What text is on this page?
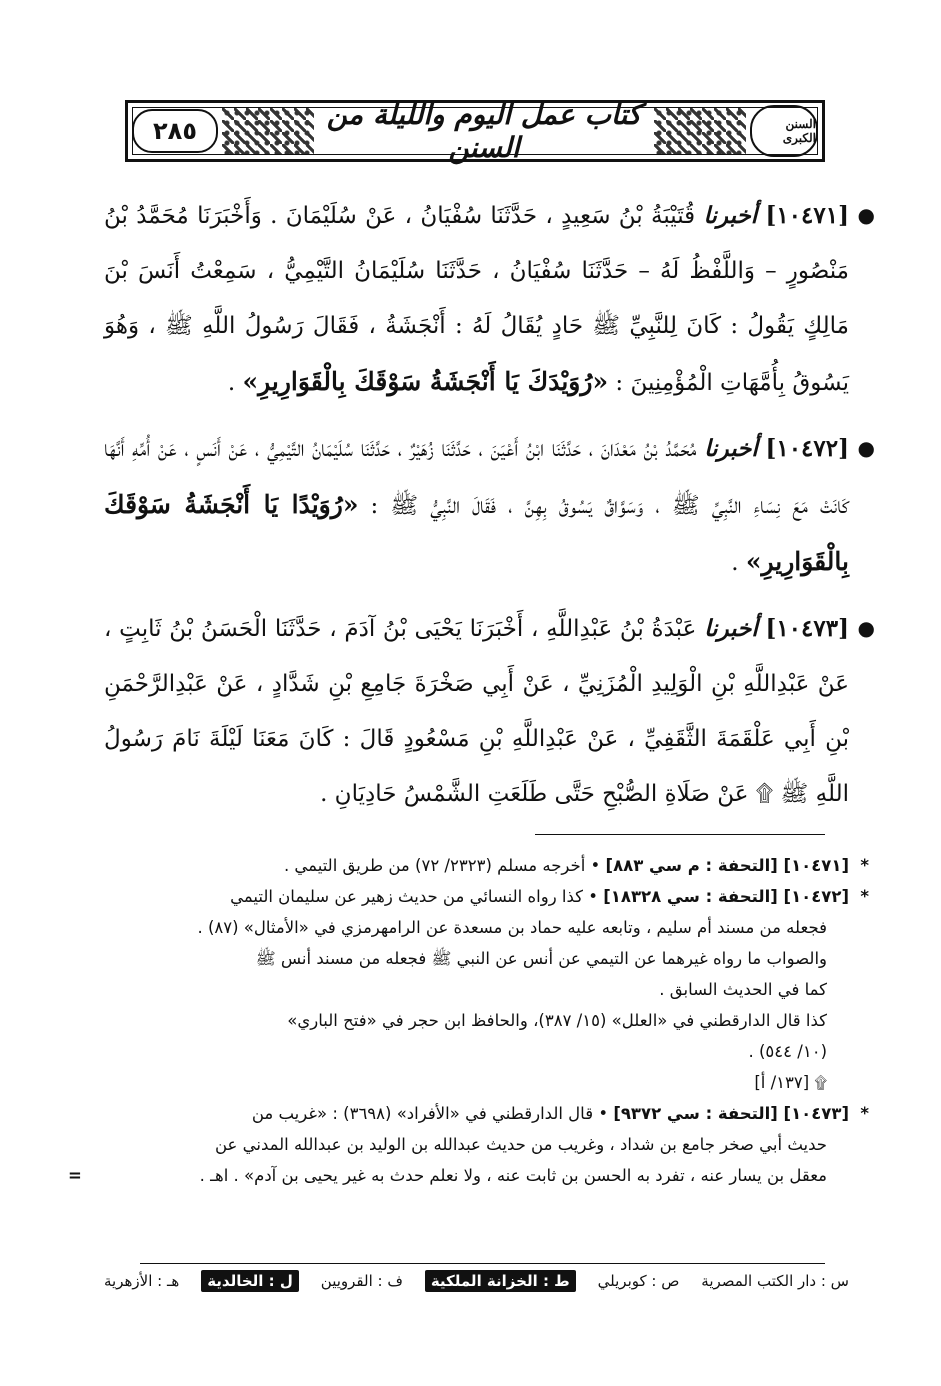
السنن الكبرى
كتاب عمل اليوم والليلة من السنن
٢٨٥
●
[١٠٤٧١] أخبرنا قُتَيْبَةُ بْنُ سَعِيدٍ ، حَدَّثَنَا سُفْيَانُ ، عَنْ سُلَيْمَانَ . وَأَخْبَرَنَا مُحَمَّدُ بْنُ مَنْصُورٍ – وَاللَّفْظُ لَهُ – حَدَّثَنَا سُفْيَانُ ، حَدَّثَنَا سُلَيْمَانُ التَّيْمِيُّ ، سَمِعْتُ أَنَسَ بْنَ مَالِكٍ يَقُولُ : كَانَ لِلنَّبِيِّ ﷺ حَادٍ يُقَالُ لَهُ : أَنْجَشَةُ ، فَقَالَ رَسُولُ اللَّهِ ﷺ ، وَهُوَ يَسُوقُ بِأُمَّهَاتِ الْمُؤْمِنِينَ : «رُوَيْدَكَ يَا أَنْجَشَةُ سَوْقَكَ بِالْقَوَارِيرِ» .
●
[١٠٤٧٢] أخبرنا مُحَمَّدُ بْنُ مَعْدَانَ ، حَدَّثَنَا ابْنُ أَعْيَنَ ، حَدَّثَنَا زُهَيْرٌ ، حَدَّثَنَا سُلَيْمَانُ التَّيْمِيُّ ، عَنْ أَنَسٍ ، عَنْ أُمِّهِ أَنَّهَا كَانَتْ مَعَ نِسَاءِ النَّبِيِّ ﷺ ، وَسَوَّاقٌ يَسُوقُ بِهِنَّ ، فَقَالَ النَّبِيُّ ﷺ : «رُوَيْدًا يَا أَنْجَشَةُ سَوْقَكَ بِالْقَوَارِيرِ» .
●
[١٠٤٧٣] أخبرنا عَبْدَةُ بْنُ عَبْدِاللَّهِ ، أَخْبَرَنَا يَحْيَى بْنُ آدَمَ ، حَدَّثَنَا الْحَسَنُ بْنُ ثَابِتٍ ، عَنْ عَبْدِاللَّهِ بْنِ الْوَلِيدِ الْمُزَنِيِّ ، عَنْ أَبِي صَخْرَةَ جَامِعِ بْنِ شَدَّادٍ ، عَنْ عَبْدِالرَّحْمَنِ بْنِ أَبِي عَلْقَمَةَ الثَّقَفِيِّ ، عَنْ عَبْدِاللَّهِ بْنِ مَسْعُودٍ قَالَ : كَانَ مَعَنَا لَيْلَةَ نَامَ رَسُولُ اللَّهِ ﷺ ۩ عَنْ صَلَاةِ الصُّبْحِ حَتَّى طَلَعَتِ الشَّمْسُ حَادِيَانِ .
*
[١٠٤٧١] [التحفة : م سي ٨٨٣] • أخرجه مسلم (٢٣٢٣/ ٧٢) من طريق التيمي .
*
[١٠٤٧٢] [التحفة : سي ١٨٣٢٨] • كذا رواه النسائي من حديث زهير عن سليمان التيمي
فجعله من مسند أم سليم ، وتابعه عليه حماد بن مسعدة عن الرامهرمزي في «الأمثال» (٨٧) .
والصواب ما رواه غيرهما عن التيمي عن أنس عن النبي ﷺ فجعله من مسند أنس ﷺ
كما في الحديث السابق .
كذا قال الدارقطني في «العلل» (١٥/ ٣٨٧)، والحافظ ابن حجر في «فتح الباري»
(١٠/ ٥٤٤) .
۩ [١٣٧/ أ]
*
[١٠٤٧٣] [التحفة : سي ٩٣٧٢] • قال الدارقطني في «الأفراد» (٣٦٩٨) : «غريب من
حديث أبي صخر جامع بن شداد ، وغريب من حديث عبدالله بن الوليد بن عبدالله المدني عن
معقل بن يسار عنه ، تفرد به الحسن بن ثابت عنه ، ولا نعلم حدث به غير يحيى بن آدم» . اهـ .
=
س : دار الكتب المصرية
ص : كوبريلي
ط : الخزانة الملكية
ف : القرويين
ل : الخالدية
هـ : الأزهرية
